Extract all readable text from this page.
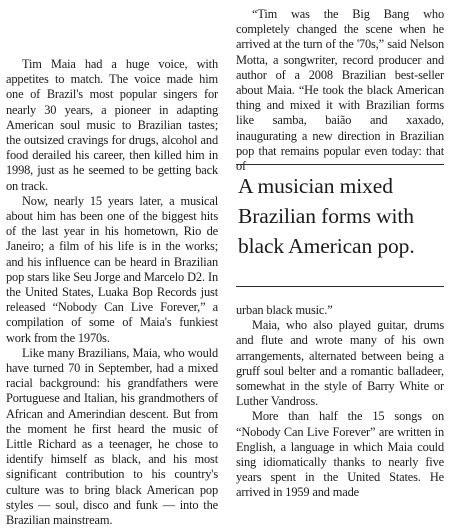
Tim Maia had a huge voice, with appetites to match. The voice made him one of Brazil's most popular singers for nearly 30 years, a pioneer in adapting American soul music to Brazilian tastes; the outsized cravings for drugs, alcohol and food derailed his career, then killed him in 1998, just as he seemed to be getting back on track.

Now, nearly 15 years later, a musical about him has been one of the biggest hits of the last year in his hometown, Rio de Janeiro; a film of his life is in the works; and his influence can be heard in Brazilian pop stars like Seu Jorge and Marcelo D2. In the United States, Luaka Bop Records just released “Nobody Can Live Forever,” a compilation of some of Maia's funkiest work from the 1970s.

Like many Brazilians, Maia, who would have turned 70 in September, had a mixed racial background: his grandfathers were Portuguese and Italian, his grandmothers of African and Amerindian descent. But from the moment he first heard the music of Little Richard as a teenager, he chose to identify himself as black, and his most significant contribution to his country's culture was to bring black American pop styles — soul, disco and funk — into the Brazilian mainstream.

“Tim was the Big Bang who completely changed the scene when he arrived at the turn of the '70s,” said Nelson Motta, a songwriter, record producer and author of a 2008 Brazilian best-seller about Maia. “He took the black American thing and mixed it with Brazilian forms like samba, baião and xaxado, inaugurating a new direction in Brazilian pop that remains popular even today: that of

A musician mixed Brazilian forms with black American pop.

urban black music.”

Maia, who also played guitar, drums and flute and wrote many of his own arrangements, alternated between being a gruff soul belter and a romantic balladeer, somewhat in the style of Barry White or Luther Vandross.

More than half the 15 songs on “Nobody Can Live Forever” are written in English, a language in which Maia could sing idiomatically thanks to nearly five years spent in the United States. He arrived in 1959 and made
